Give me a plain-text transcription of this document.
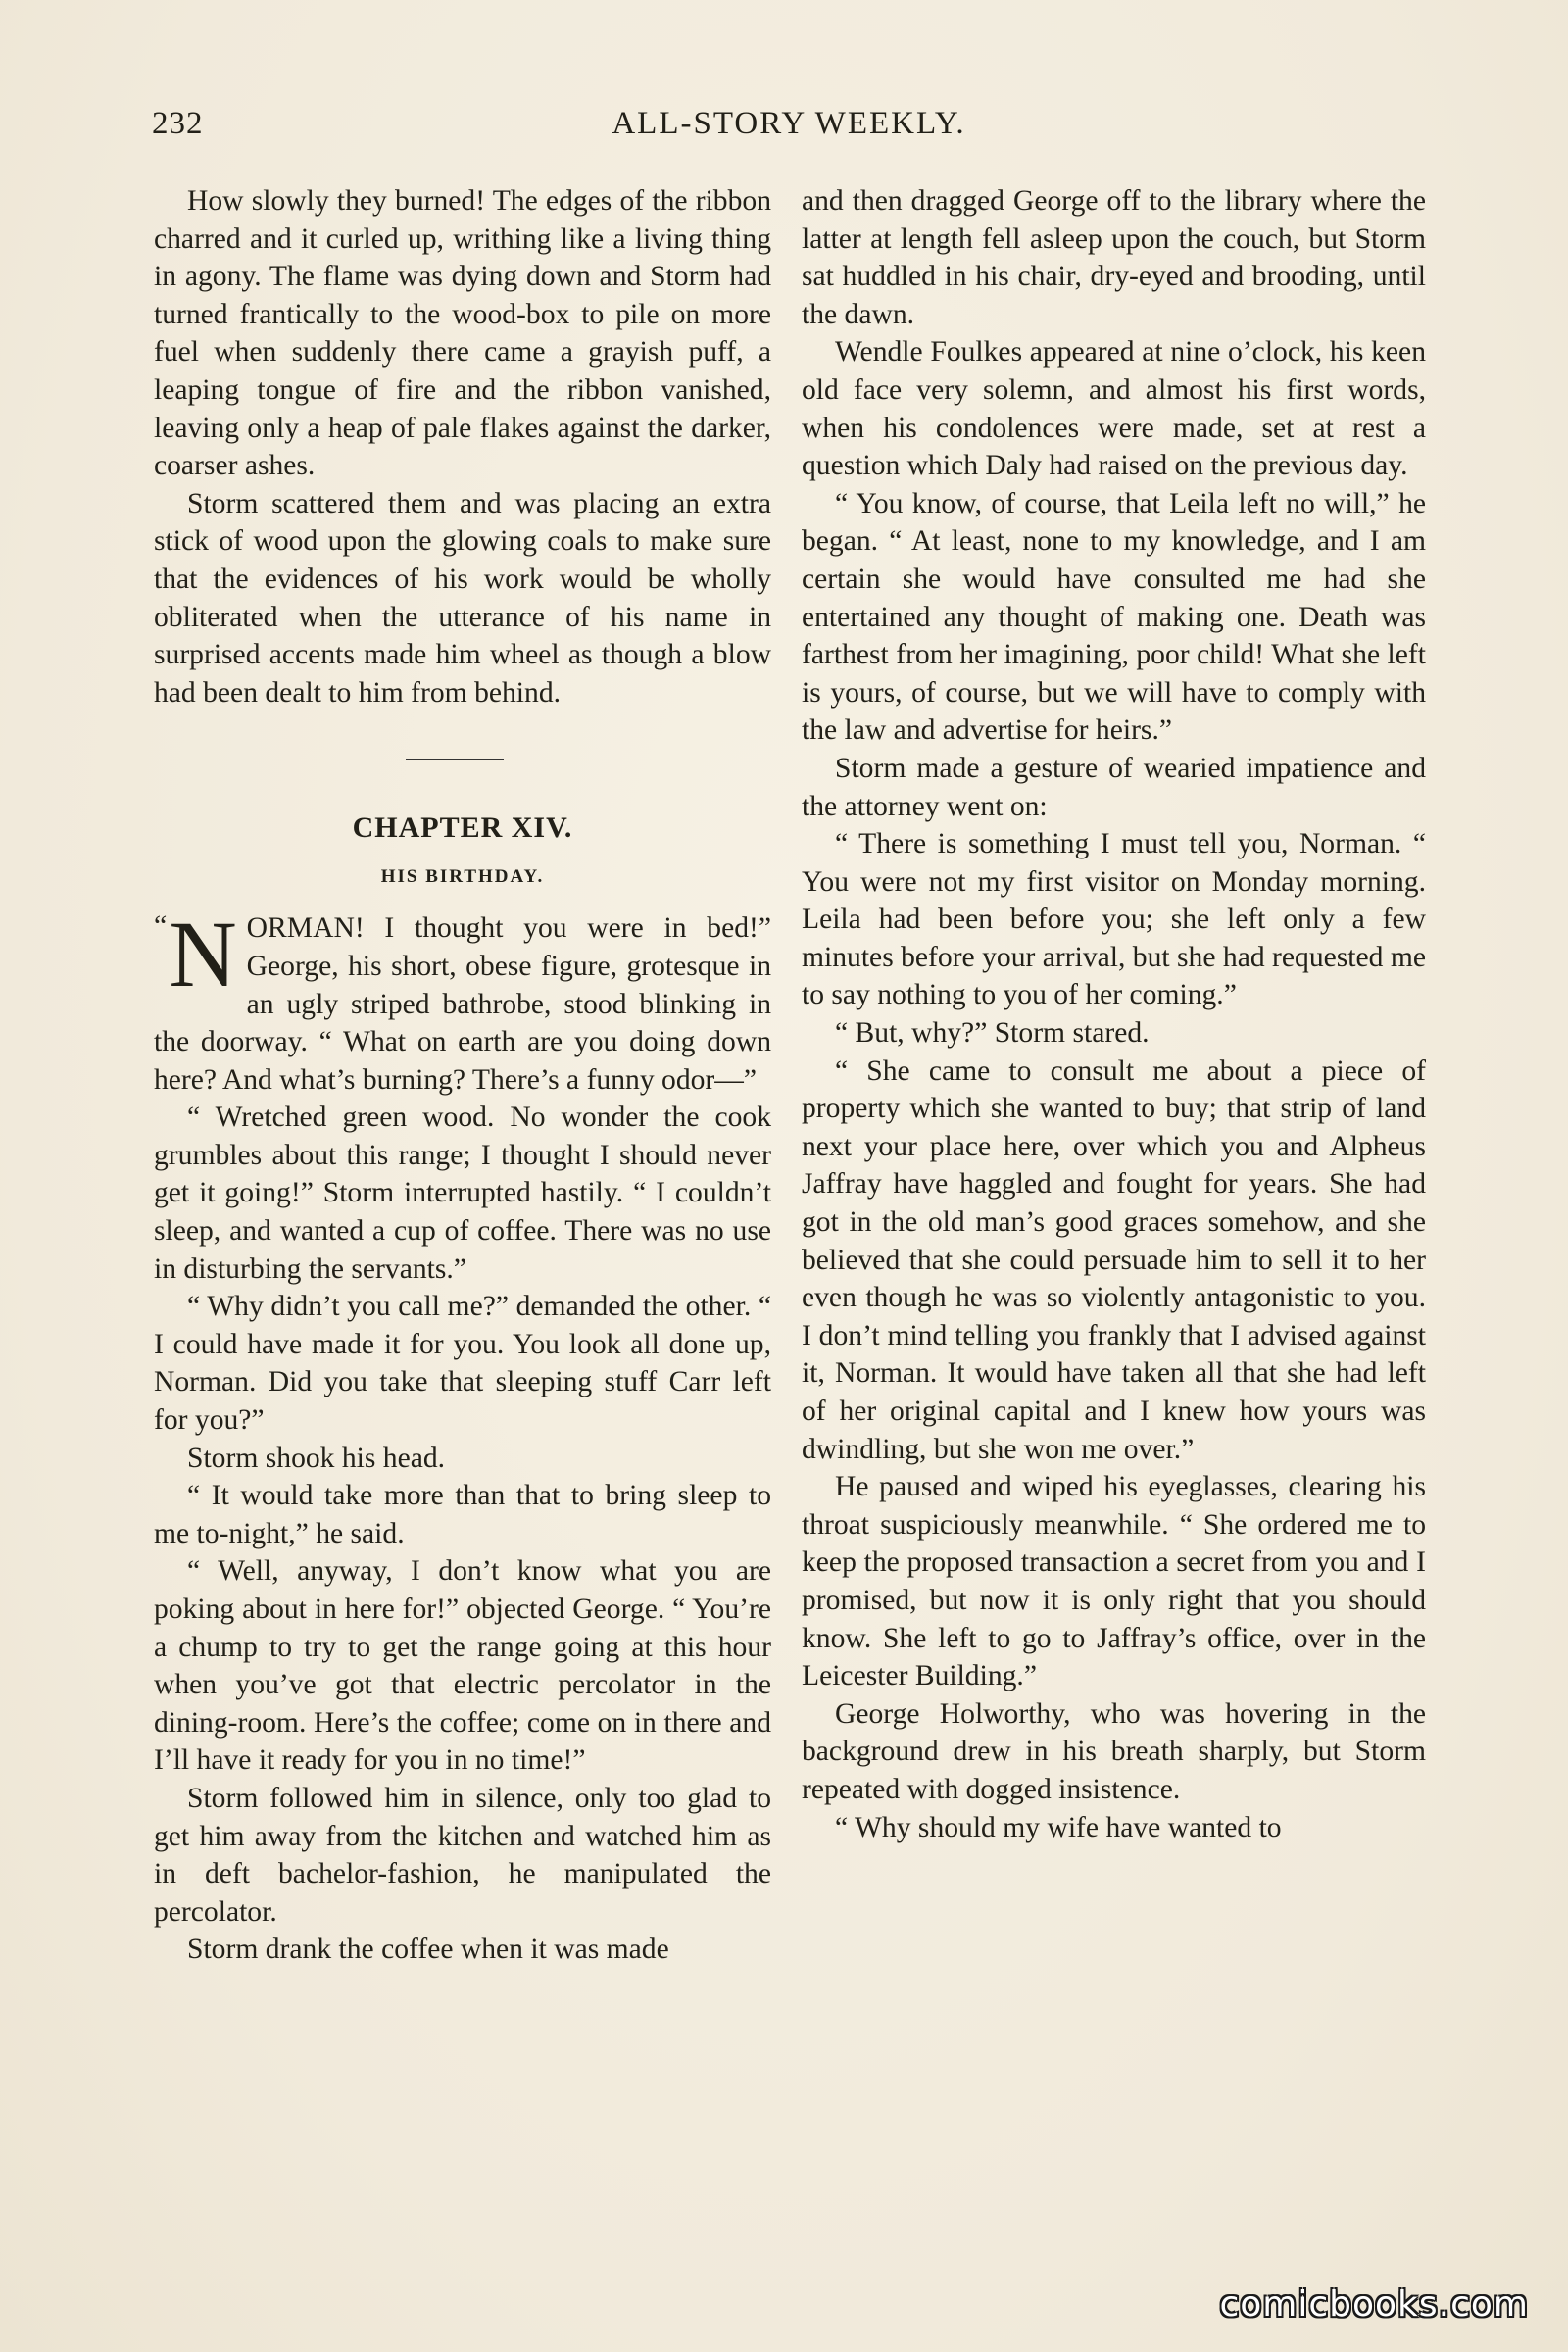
232	ALL-STORY WEEKLY.

How slowly they burned! The edges of the ribbon charred and it curled up, writhing like a living thing in agony. The flame was dying down and Storm had turned frantically to the wood-box to pile on more fuel when suddenly there came a grayish puff, a leaping tongue of fire and the ribbon vanished, leaving only a heap of pale flakes against the darker, coarser ashes.

Storm scattered them and was placing an extra stick of wood upon the glowing coals to make sure that the evidences of his work would be wholly obliterated when the utterance of his name in surprised accents made him wheel as though a blow had been dealt to him from behind.

CHAPTER XIV.
HIS BIRTHDAY.

“ N ORMAN! I thought you were in bed!” George, his short, obese figure, grotesque in an ugly striped bathrobe, stood blinking in the doorway. “ What on earth are you doing down here? And what’s burning? There’s a funny odor—”

“ Wretched green wood. No wonder the cook grumbles about this range; I thought I should never get it going!” Storm interrupted hastily. “ I couldn’t sleep, and wanted a cup of coffee. There was no use in disturbing the servants.”

“ Why didn’t you call me?” demanded the other. “ I could have made it for you. You look all done up, Norman. Did you take that sleeping stuff Carr left for you?”

Storm shook his head.

“ It would take more than that to bring sleep to me to-night,” he said.

“ Well, anyway, I don’t know what you are poking about in here for!” objected George. “ You’re a chump to try to get the range going at this hour when you’ve got that electric percolator in the dining-room. Here’s the coffee; come on in there and I’ll have it ready for you in no time!”

Storm followed him in silence, only too glad to get him away from the kitchen and watched him as in deft bachelor-fashion, he manipulated the percolator.

Storm drank the coffee when it was made

and then dragged George off to the library where the latter at length fell asleep upon the couch, but Storm sat huddled in his chair, dry-eyed and brooding, until the dawn.

Wendle Foulkes appeared at nine o’clock, his keen old face very solemn, and almost his first words, when his condolences were made, set at rest a question which Daly had raised on the previous day.

“ You know, of course, that Leila left no will,” he began. “ At least, none to my knowledge, and I am certain she would have consulted me had she entertained any thought of making one. Death was farthest from her imagining, poor child! What she left is yours, of course, but we will have to comply with the law and advertise for heirs.”

Storm made a gesture of wearied impatience and the attorney went on:

“ There is something I must tell you, Norman. “ You were not my first visitor on Monday morning. Leila had been before you; she left only a few minutes before your arrival, but she had requested me to say nothing to you of her coming.”

“ But, why?” Storm stared.

“ She came to consult me about a piece of property which she wanted to buy; that strip of land next your place here, over which you and Alpheus Jaffray have haggled and fought for years. She had got in the old man’s good graces somehow, and she believed that she could persuade him to sell it to her even though he was so violently antagonistic to you. I don’t mind telling you frankly that I advised against it, Norman. It would have taken all that she had left of her original capital and I knew how yours was dwindling, but she won me over.”

He paused and wiped his eyeglasses, clearing his throat suspiciously meanwhile. “ She ordered me to keep the proposed transaction a secret from you and I promised, but now it is only right that you should know. She left to go to Jaffray’s office, over in the Leicester Building.”

George Holworthy, who was hovering in the background drew in his breath sharply, but Storm repeated with dogged insistence.

“ Why should my wife have wanted to

comicbooks.com
